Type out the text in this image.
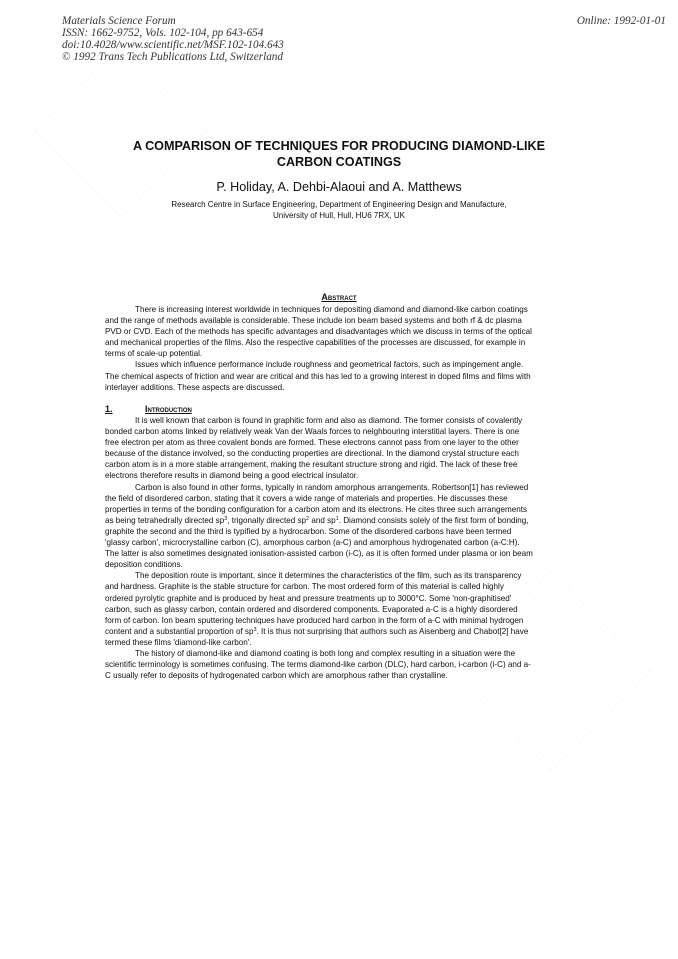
Materials Science Forum
ISSN: 1662-9752, Vols. 102-104, pp 643-654
doi:10.4028/www.scientific.net/MSF.102-104.643
© 1992 Trans Tech Publications Ltd, Switzerland
Online: 1992-01-01
A COMPARISON OF TECHNIQUES FOR PRODUCING DIAMOND-LIKE
CARBON COATINGS
P. Holiday, A. Dehbi-Alaoui and A. Matthews
Research Centre in Surface Engineering, Department of Engineering Design and Manufacture,
University of Hull, Hull, HU6 7RX, UK
Abstract

There is increasing interest worldwide in techniques for depositing diamond and diamond-like carbon coatings and the range of methods available is considerable. These include ion beam based systems and both rf & dc plasma PVD or CVD. Each of the methods has specific advantages and disadvantages which we discuss in terms of the optical and mechanical properties of the films. Also the respective capabilities of the processes are discussed, for example in terms of scale-up potential.

Issues which influence performance include roughness and geometrical factors, such as impingement angle. The chemical aspects of friction and wear are critical and this has led to a growing interest in doped films and films with interlayer additions. These aspects are discussed.

1.	Introduction

It is well known that carbon is found in graphitic form and also as diamond. The former consists of covalently bonded carbon atoms linked by relatively weak Van der Waals forces to neighbouring interstitial layers. There is one free electron per atom as three covalent bonds are formed. These electrons cannot pass from one layer to the other because of the distance involved, so the conducting properties are directional. In the diamond crystal structure each carbon atom is in a more stable arrangement, making the resultant structure strong and rigid. The lack of these free electrons therefore results in diamond being a good electrical insulator.

Carbon is also found in other forms, typically in random amorphous arrangements. Robertson[1] has reviewed the field of disordered carbon, stating that it covers a wide range of materials and properties. He discusses these properties in terms of the bonding configuration for a carbon atom and its electrons. He cites three such arrangements as being tetrahedrally directed $sp^3$, trigonally directed $sp^2$ and $sp^1$. Diamond consists solely of the first form of bonding, graphite the second and the third is typified by a hydrocarbon. Some of the disordered carbons have been termed 'glassy carbon', microcrystalline carbon (C), amorphous carbon (a-C) and amorphous hydrogenated carbon (a-C:H). The latter is also sometimes designated ionisation-assisted carbon (i-C), as it is often formed under plasma or ion beam deposition conditions.

The deposition route is important, since it determines the characteristics of the film, such as its transparency and hardness. Graphite is the stable structure for carbon. The most ordered form of this material is called highly ordered pyrolytic graphite and is produced by heat and pressure treatments up to 3000°C. Some 'non-graphitised' carbon, such as glassy carbon, contain ordered and disordered components. Evaporated a-C is a highly disordered form of carbon. Ion beam sputtering techniques have produced hard carbon in the form of a-C with minimal hydrogen content and a substantial proportion of $sp^3$. It is thus not surprising that authors such as Aisenberg and Chabot[2] have termed these films 'diamond-like carbon'.

The history of diamond-like and diamond coating is both long and complex resulting in a situation were the scientific terminology is sometimes confusing. The terms diamond-like carbon (DLC), hard carbon, i-carbon (i-C) and a-C usually refer to deposits of hydrogenated carbon which are amorphous rather than crystalline.
